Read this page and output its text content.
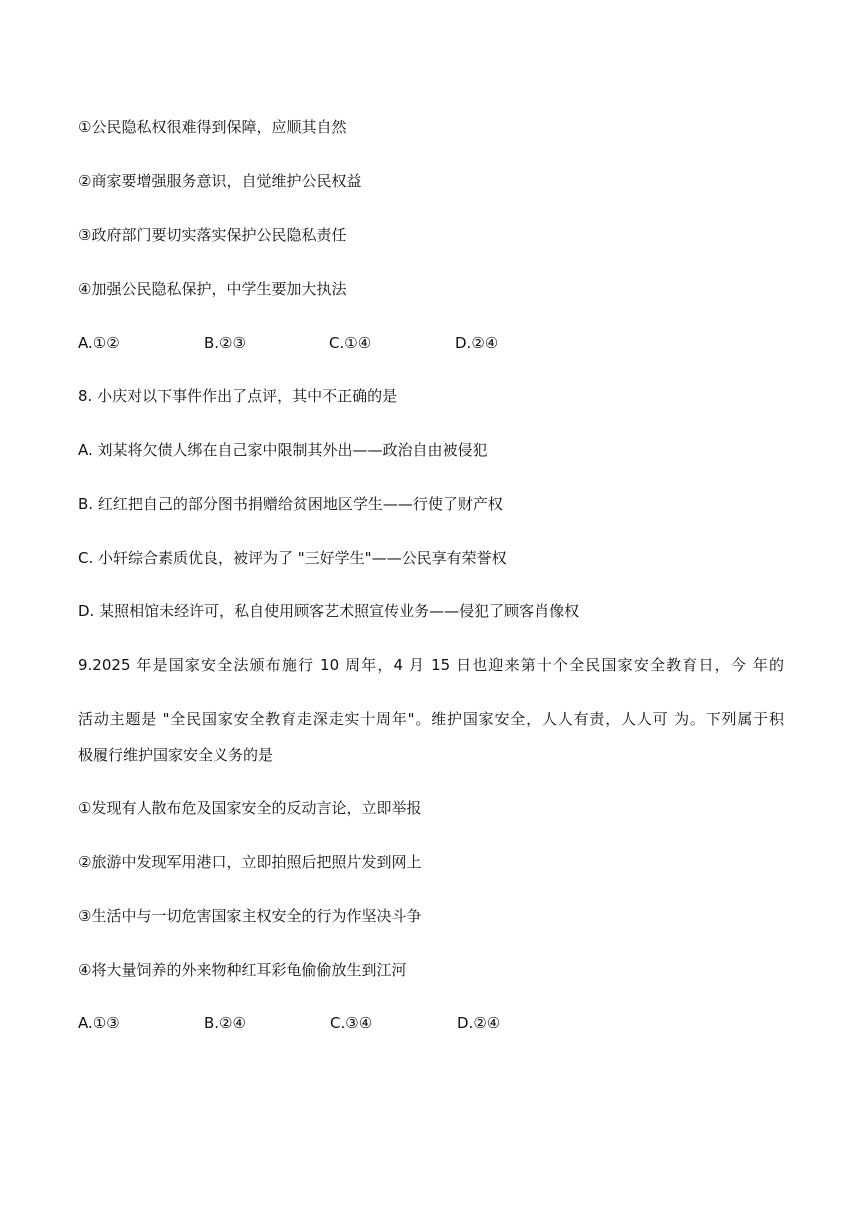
①公民隐私权很难得到保障，应顺其自然
②商家要增强服务意识，自觉维护公民权益
③政府部门要切实落实保护公民隐私责任
④加强公民隐私保护，中学生要加大执法
A.①②	B.②③	C.①④	D.②④
8. 小庆对以下事件作出了点评，其中不正确的是
A. 刘某将欠债人绑在自己家中限制其外出——政治自由被侵犯
B. 红红把自己的部分图书捐赠给贫困地区学生——行使了财产权
C. 小轩综合素质优良，被评为了 "三好学生"——公民享有荣誉权
D. 某照相馆未经许可，私自使用顾客艺术照宣传业务——侵犯了顾客肖像权
9.2025 年是国家安全法颁布施行 10 周年，4 月 15 日也迎来第十个全民国家安全教育日，今 年的
活动主题是 "全民国家安全教育走深走实十周年"。维护国家安全，人人有责，人人可 为。下列属于积
极履行维护国家安全义务的是
①发现有人散布危及国家安全的反动言论，立即举报
②旅游中发现军用港口，立即拍照后把照片发到网上
③生活中与一切危害国家主权安全的行为作坚决斗争
④将大量饲养的外来物种红耳彩龟偷偷放生到江河
A.①③	B.②④	C.③④	D.②④
